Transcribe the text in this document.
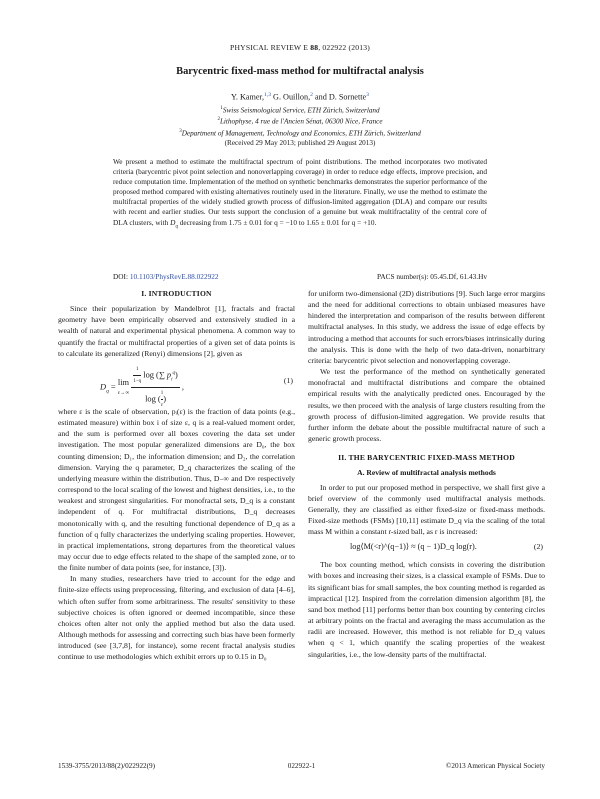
PHYSICAL REVIEW E 88, 022922 (2013)
Barycentric fixed-mass method for multifractal analysis
Y. Kamer,$^{1,3}$ G. Ouillon,$^2$ and D. Sornette$^3$
$^1$Swiss Seismological Service, ETH Zürich, Switzerland
$^2$Lithophyse, 4 rue de l'Ancien Sénat, 06300 Nice, France
$^3$Department of Management, Technology and Economics, ETH Zürich, Switzerland
(Received 29 May 2013; published 29 August 2013)
We present a method to estimate the multifractal spectrum of point distributions. The method incorporates two motivated criteria (barycentric pivot point selection and nonoverlapping coverage) in order to reduce edge effects, improve precision, and reduce computation time. Implementation of the method on synthetic benchmarks demonstrates the superior performance of the proposed method compared with existing alternatives routinely used in the literature. Finally, we use the method to estimate the multifractal properties of the widely studied growth process of diffusion-limited aggregation (DLA) and compare our results with recent and earlier studies. Our tests support the conclusion of a genuine but weak multifractality of the central core of DLA clusters, with $D_q$ decreasing from 1.75 ± 0.01 for q = −10 to 1.65 ± 0.01 for q = +10.
DOI: 10.1103/PhysRevE.88.022922	PACS number(s): 05.45.Df, 61.43.Hv
I. INTRODUCTION

Since their popularization by Mandelbrot [1], fractals and fractal geometry have been empirically observed and extensively studied in a wealth of natural and experimental physical phenomena. A common way to quantify the fractal or multifractal properties of a given set of data points is to calculate its generalized (Renyi) dimensions [2], given as

$D_q = \lim$
ε→∞
$\frac{\frac{1}{1-q} \log (\sum p_i^q)}{\log ( \frac{1}{\varepsilon})}$ ,
(1)

where ε is the scale of observation, pᵢ(ε) is the fraction of data points (e.g., estimated measure) within box i of size ε, q is a real-valued moment order, and the sum is performed over all boxes covering the data set under investigation. The most popular generalized dimensions are D₀, the box counting dimension; D₁, the information dimension; and D₂, the correlation dimension. Varying the q parameter, D_q characterizes the scaling of the underlying measure within the distribution. Thus, D₋∞ and D∞ respectively correspond to the local scaling of the lowest and highest densities, i.e., to the weakest and strongest singularities. For monofractal sets, D_q is a constant independent of q. For multifractal distributions, D_q decreases monotonically with q, and the resulting functional dependence of D_q as a function of q fully characterizes the underlying scaling properties. However, in practical implementations, strong departures from the theoretical values may occur due to edge effects related to the shape of the sampled zone, or to the finite number of data points (see, for instance, [3]).

In many studies, researchers have tried to account for the edge and finite-size effects using preprocessing, filtering, and exclusion of data [4–6], which often suffer from some arbitrariness. The results' sensitivity to these subjective choices is often ignored or deemed incompatible, since these choices often alter not only the applied method but also the data used. Although methods for assessing and correcting such bias have been formerly introduced (see [3,7,8], for instance), some recent fractal analysis studies continue to use methodologies which exhibit errors up to 0.15 in D₀

for uniform two-dimensional (2D) distributions [9]. Such large error margins and the need for additional corrections to obtain unbiased measures have hindered the interpretation and comparison of the results between different multifractal analyses. In this study, we address the issue of edge effects by introducing a method that accounts for such errors/biases intrinsically during the analysis. This is done with the help of two data-driven, nonarbitrary criteria: barycentric pivot selection and nonoverlapping coverage.

We test the performance of the method on synthetically generated monofractal and multifractal distributions and compare the obtained empirical results with the analytically predicted ones. Encouraged by the results, we then proceed with the analysis of large clusters resulting from the growth process of diffusion-limited aggregation. We provide results that further inform the debate about the possible multifractal nature of such a generic growth process.

II. THE BARYCENTRIC FIXED-MASS METHOD
A. Review of multifractal analysis methods

In order to put our proposed method in perspective, we shall first give a brief overview of the commonly used multifractal analysis methods. Generally, they are classified as either fixed-size or fixed-mass methods. Fixed-size methods (FSMs) [10,11] estimate D_q via the scaling of the total mass M within a constant r-sized ball, as r is increased:

log⟨M(<r)^(q−1)⟩ ≈ (q − 1)D_q log(r).	(2)

The box counting method, which consists in covering the distribution with boxes and increasing their sizes, is a classical example of FSMs. Due to its significant bias for small samples, the box counting method is regarded as impractical [12]. Inspired from the correlation dimension algorithm [8], the sand box method [11] performs better than box counting by centering circles at arbitrary points on the fractal and averaging the mass accumulation as the radii are increased. However, this method is not reliable for D_q values when q < 1, which quantify the scaling properties of the weakest singularities, i.e., the low-density parts of the multifractal.

1539-3755/2013/88(2)/022922(9)	022922-1	©2013 American Physical Society
